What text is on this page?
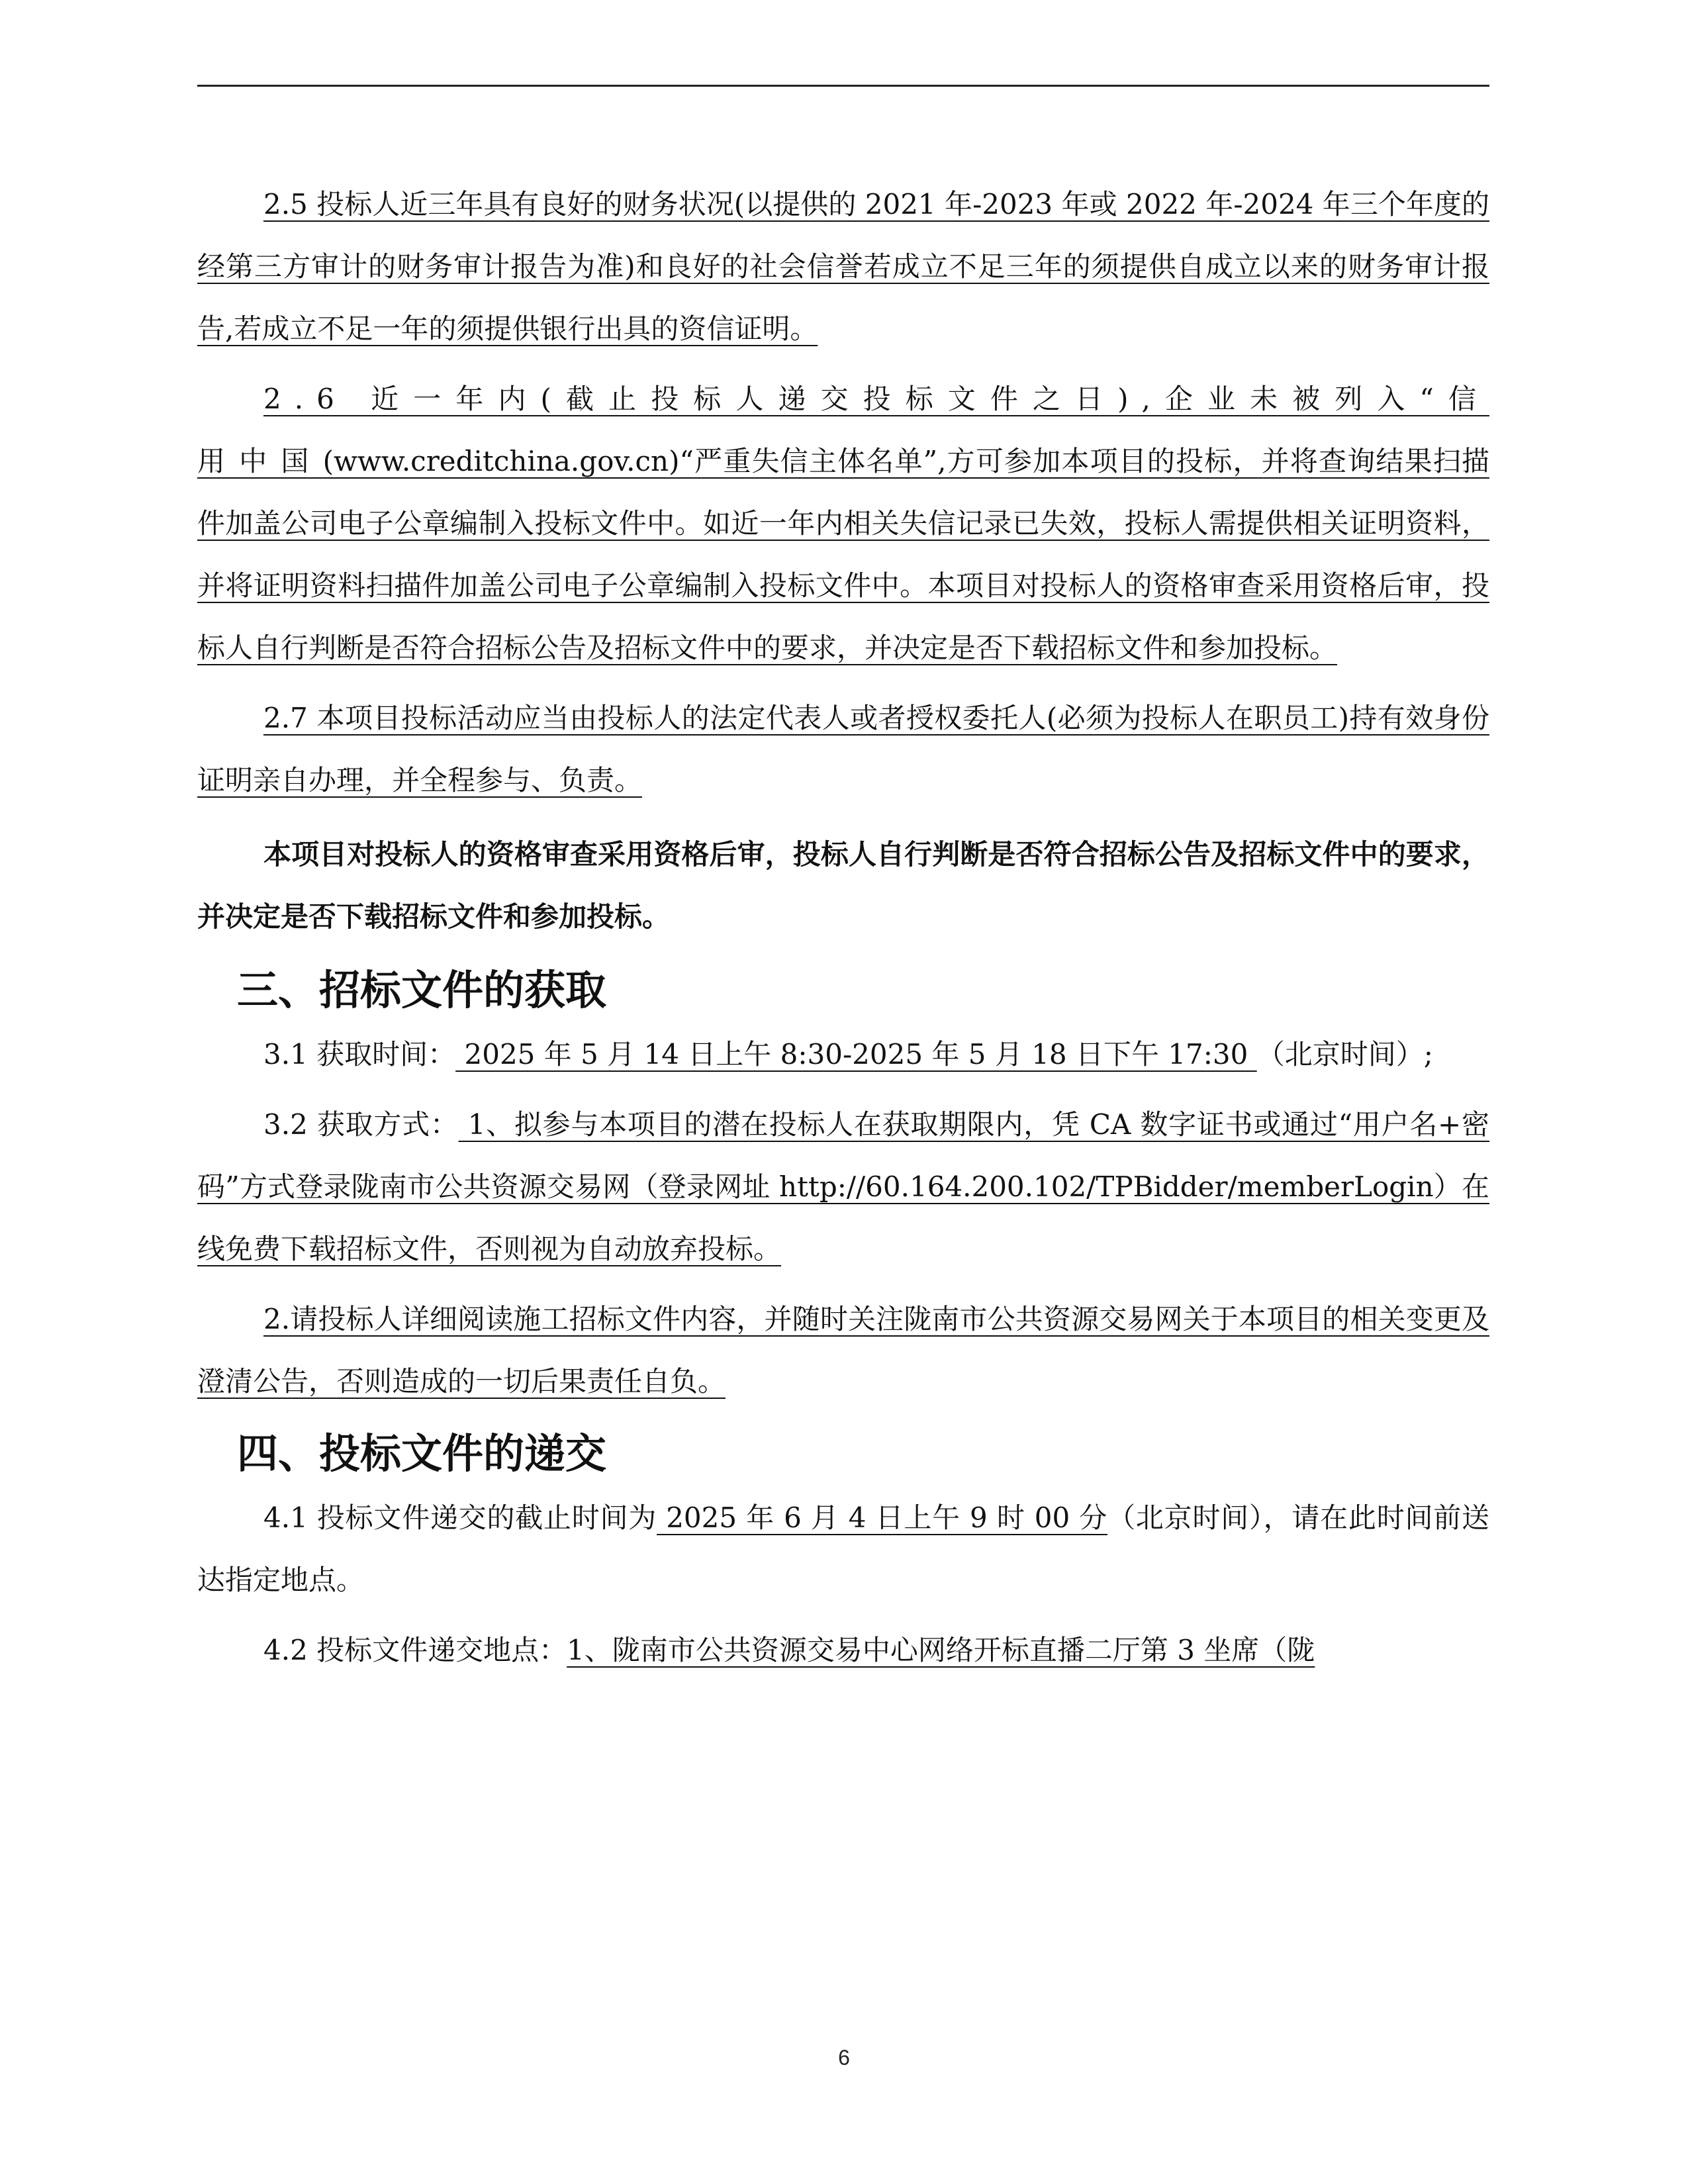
2.5 投标人近三年具有良好的财务状况(以提供的 2021 年-2023 年或 2022 年-2024 年三个年度的经第三方审计的财务审计报告为准)和良好的社会信誉若成立不足三年的须提供自成立以来的财务审计报告,若成立不足一年的须提供银行出具的资信证明。

2.6 近一年内(截止投标人递交投标文件之日),企业未被列入“信用中国(www.creditchina.gov.cn)“严重失信主体名单”,方可参加本项目的投标，并将查询结果扫描件加盖公司电子公章编制入投标文件中。如近一年内相关失信记录已失效，投标人需提供相关证明资料，并将证明资料扫描件加盖公司电子公章编制入投标文件中。本项目对投标人的资格审查采用资格后审，投标人自行判断是否符合招标公告及招标文件中的要求，并决定是否下载招标文件和参加投标。

2.7 本项目投标活动应当由投标人的法定代表人或者授权委托人(必须为投标人在职员工)持有效身份证明亲自办理，并全程参与、负责。

本项目对投标人的资格审查采用资格后审，投标人自行判断是否符合招标公告及招标文件中的要求，并决定是否下载招标文件和参加投标。

三、招标文件的获取

3.1 获取时间： 2025 年 5 月 14 日上午 8:30-2025 年 5 月 18 日下午 17:30 （北京时间）;

3.2 获取方式： 1、拟参与本项目的潜在投标人在获取期限内，凭 CA 数字证书或通过“用户名+密码”方式登录陇南市公共资源交易网（登录网址 http://60.164.200.102/TPBidder/memberLogin）在线免费下载招标文件，否则视为自动放弃投标。

2.请投标人详细阅读施工招标文件内容，并随时关注陇南市公共资源交易网关于本项目的相关变更及澄清公告，否则造成的一切后果责任自负。

四、投标文件的递交

4.1 投标文件递交的截止时间为 2025 年 6 月 4 日上午 9 时 00 分（北京时间），请在此时间前送达指定地点。

4.2 投标文件递交地点：1、陇南市公共资源交易中心网络开标直播二厅第 3 坐席（陇

6
